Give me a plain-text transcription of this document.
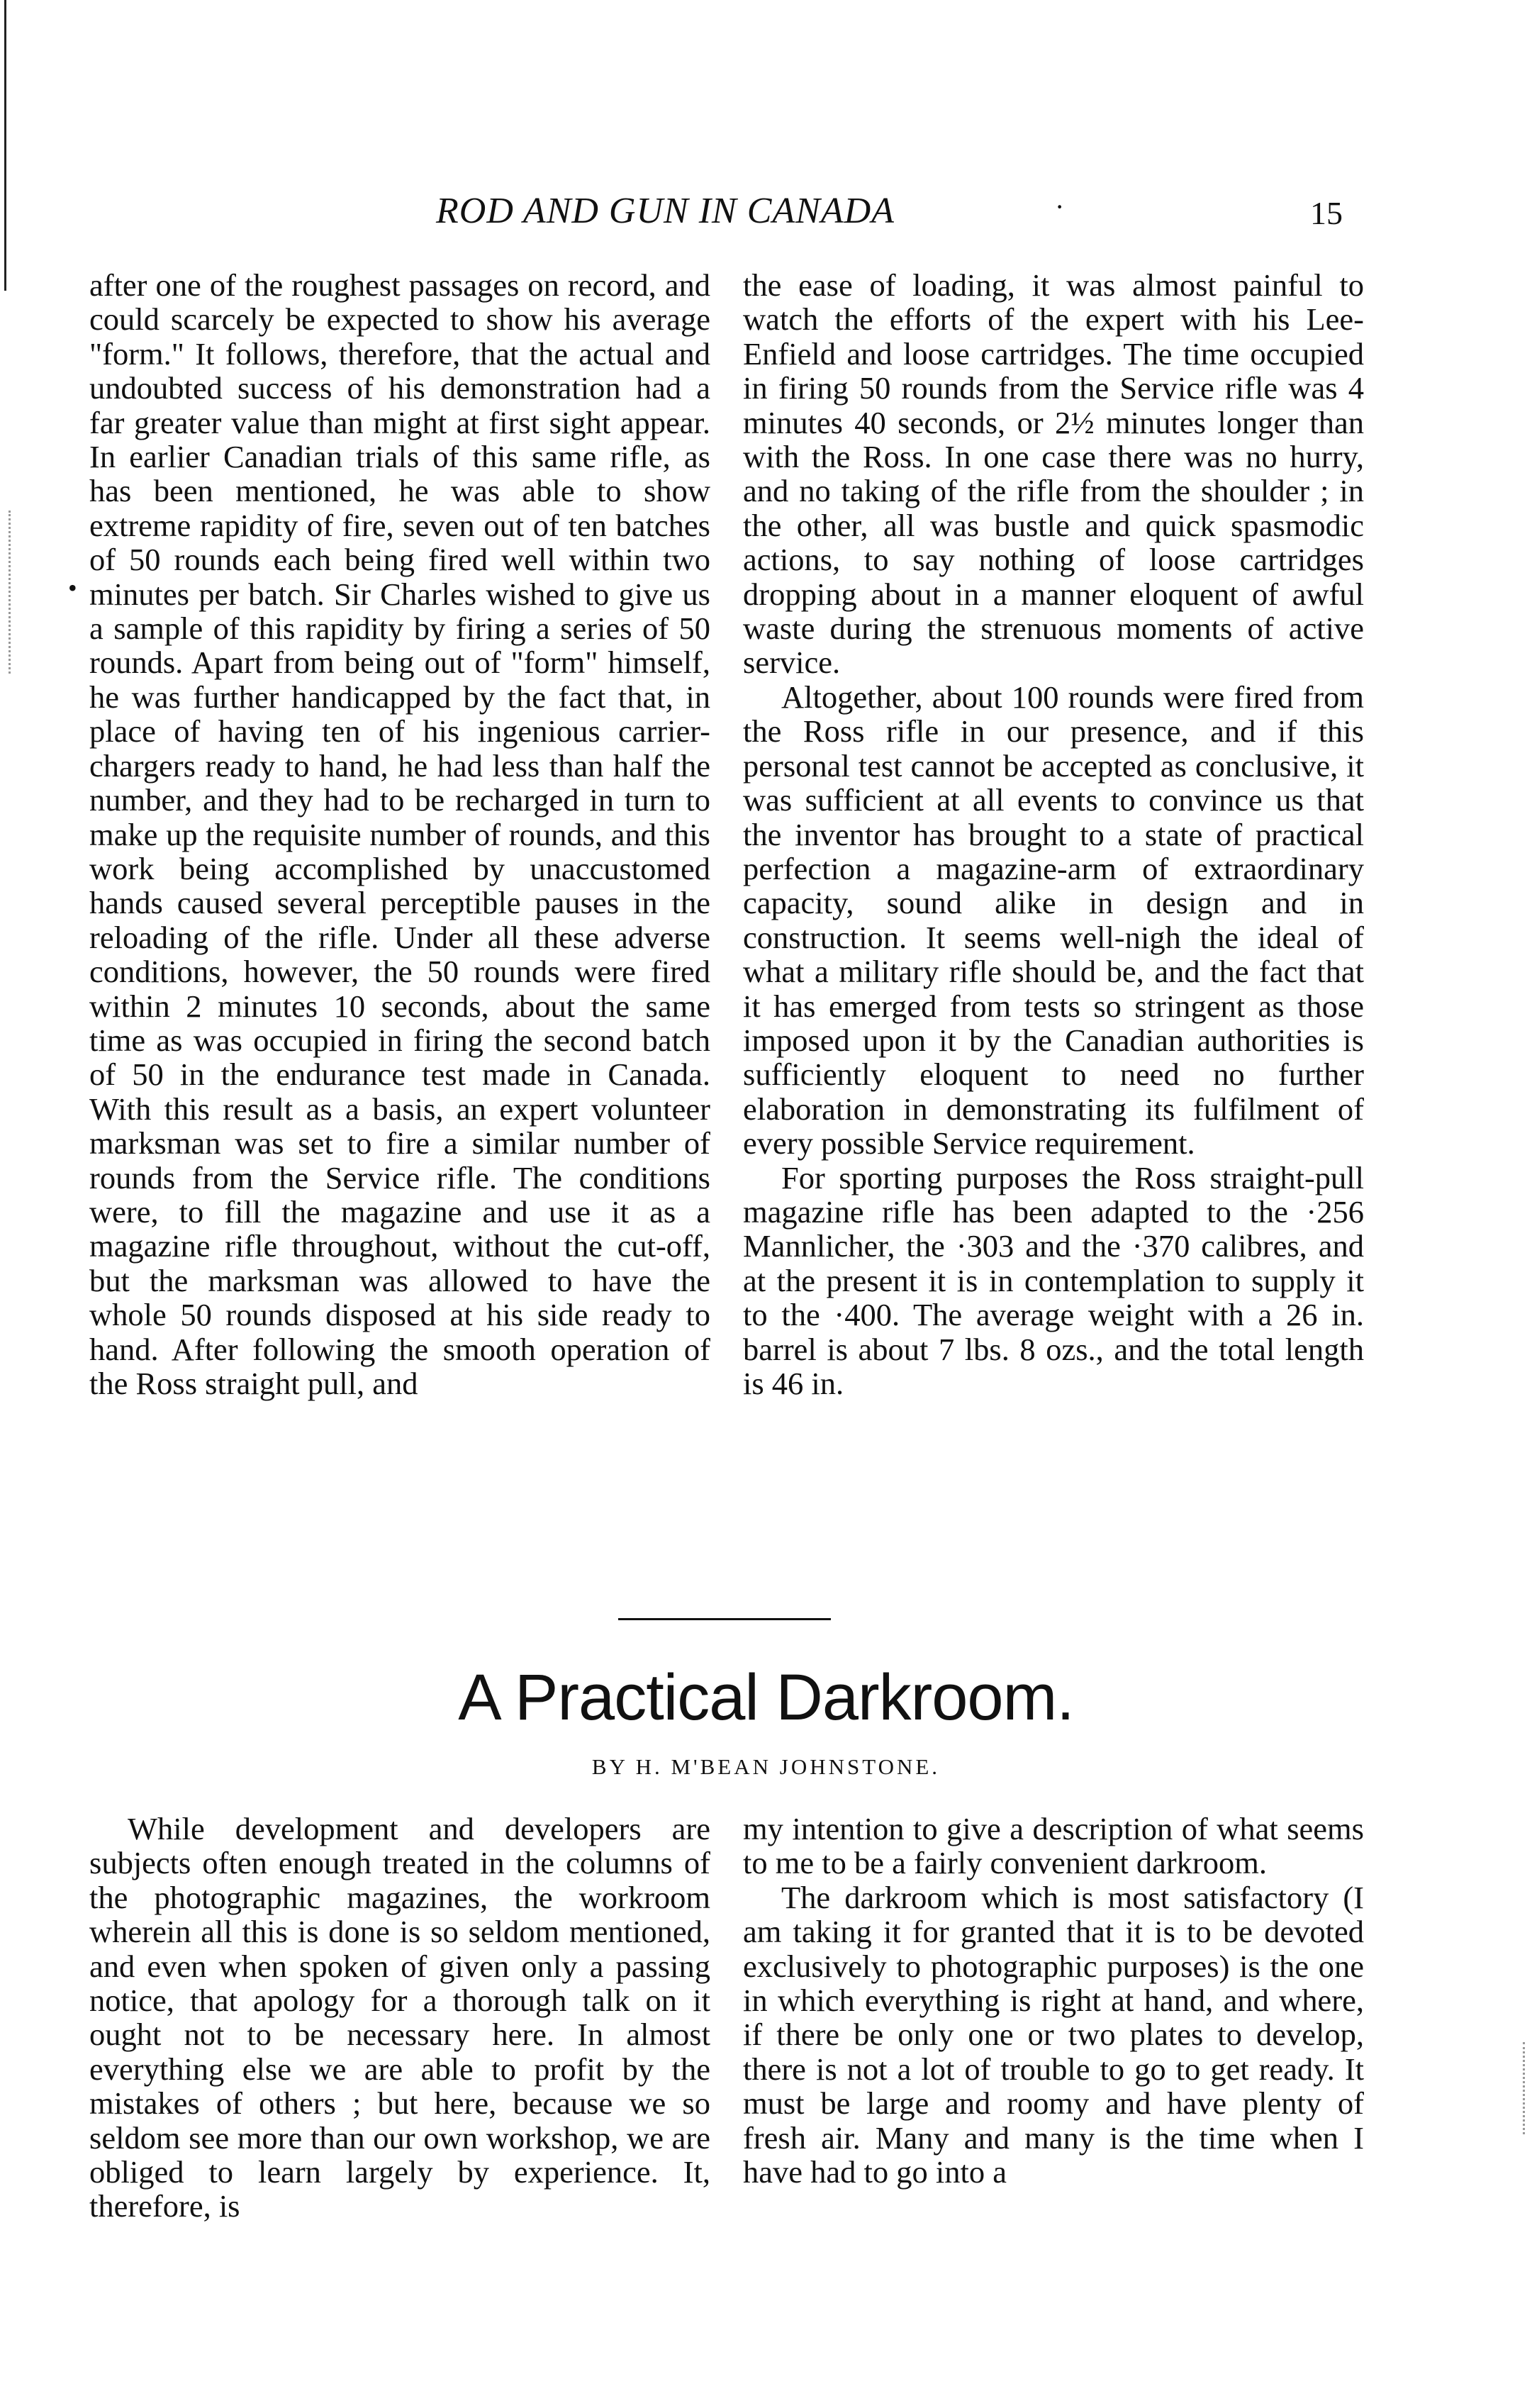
ROD AND GUN IN CANADA	·	15
•

after one of the roughest passages on record, and could scarcely be expected to show his average "form." It follows, therefore, that the actual and undoubted success of his demonstration had a far greater value than might at first sight appear. In earlier Canadian trials of this same rifle, as has been mentioned, he was able to show extreme rapidity of fire, seven out of ten batches of 50 rounds each being fired well within two minutes per batch. Sir Charles wished to give us a sample of this rapidity by firing a series of 50 rounds. Apart from being out of "form" himself, he was further handicapped by the fact that, in place of having ten of his ingenious carrier-chargers ready to hand, he had less than half the number, and they had to be recharged in turn to make up the requisite number of rounds, and this work being accomplished by unaccustomed hands caused several perceptible pauses in the reloading of the rifle. Under all these adverse conditions, however, the 50 rounds were fired within 2 minutes 10 seconds, about the same time as was occupied in firing the second batch of 50 in the endurance test made in Canada. With this result as a basis, an expert volunteer marksman was set to fire a similar number of rounds from the Service rifle. The conditions were, to fill the magazine and use it as a magazine rifle throughout, without the cut-off, but the marksman was allowed to have the whole 50 rounds disposed at his side ready to hand. After following the smooth operation of the Ross straight pull, and

the ease of loading, it was almost painful to watch the efforts of the expert with his Lee-Enfield and loose cartridges. The time occupied in firing 50 rounds from the Service rifle was 4 minutes 40 seconds, or 2½ minutes longer than with the Ross. In one case there was no hurry, and no taking of the rifle from the shoulder ; in the other, all was bustle and quick spasmodic actions, to say nothing of loose cartridges dropping about in a manner eloquent of awful waste during the strenuous moments of active service.

Altogether, about 100 rounds were fired from the Ross rifle in our presence, and if this personal test cannot be accepted as conclusive, it was sufficient at all events to convince us that the inventor has brought to a state of practical perfection a magazine-arm of extraordinary capacity, sound alike in design and in construction. It seems well-nigh the ideal of what a military rifle should be, and the fact that it has emerged from tests so stringent as those imposed upon it by the Canadian authorities is sufficiently eloquent to need no further elaboration in demonstrating its fulfilment of every possible Service requirement.

For sporting purposes the Ross straight-pull magazine rifle has been adapted to the ·256 Mannlicher, the ·303 and the ·370 calibres, and at the present it is in contemplation to supply it to the ·400. The average weight with a 26 in. barrel is about 7 lbs. 8 ozs., and the total length is 46 in.

A Practical Darkroom.
BY H. M'BEAN JOHNSTONE.

While development and developers are subjects often enough treated in the columns of the photographic magazines, the workroom wherein all this is done is so seldom mentioned, and even when spoken of given only a passing notice, that apology for a thorough talk on it ought not to be necessary here. In almost everything else we are able to profit by the mistakes of others ; but here, because we so seldom see more than our own workshop, we are obliged to learn largely by experience. It, therefore, is

my intention to give a description of what seems to me to be a fairly convenient darkroom.

The darkroom which is most satisfactory (I am taking it for granted that it is to be devoted exclusively to photographic purposes) is the one in which everything is right at hand, and where, if there be only one or two plates to develop, there is not a lot of trouble to go to get ready. It must be large and roomy and have plenty of fresh air. Many and many is the time when I have had to go into a
